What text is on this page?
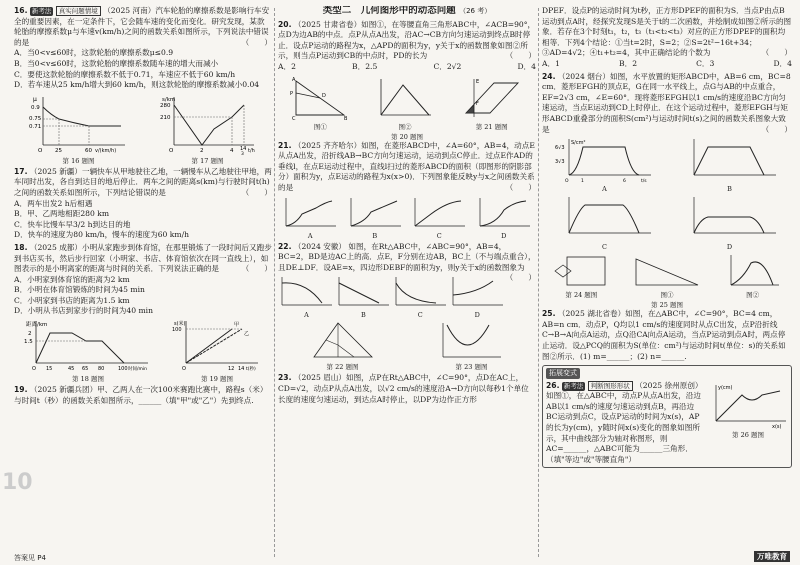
10
16. 新考法 真实问题情境 （2025 河南）汽车轮胎的摩擦系数是影响行车安全的重要因素，在一定条件下，它会随车速的变化而变化．研究发现，某款轮胎的摩擦系数μ与车速v(km/h)之间的函数关系如图所示，下列说法中错误的是	（　　）
A．当0<v≤60时，这款轮胎的摩擦系数μ≤0.9
B．当0<v≤60时，这款轮胎的摩擦系数随车速的增大而减小
C．要使这款轮胎的摩擦系数不低于0.71，车速应不低于60 km/h
D．若车速从25 km/h增大到60 km/h，则这款轮胎的摩擦系数减小0.04
μ
0.9
0.75
0.71
O 25	60 v/(km/h)
第 16 题图
s/km
280
210
O	2	4 14
3
t/h
第 17 题图
17. （2025 新疆）一辆快车从甲地驶往乙地，一辆慢车从乙地驶往甲地，两车同时出发，各自到达目的地后停止．两车之间的距离s(km)与行驶时间t(h)之间的函数关系如图所示，下列结论错误的是	（　　）
A．两车出发2 h后相遇
B．甲、乙两地相距280 km
C．快车比慢车早3/2 h到达目的地
D．快车的速度为80 km/h，慢车的速度为60 km/h
18. （2025 成都）小明从家跑步到体育馆，在那里锻炼了一段时间后又跑步到书店买书，然后步行回家（小明家、书店、体育馆依次在同一直线上），如图表示的是小明离家的距离与时间的关系．下列说法正确的是	（　　）
A．小明家到体育馆的距离为2 km
B．小明在体育馆锻炼的时间为45 min
C．小明家到书店的距离为1.5 km
D．小明从书店到家步行的时间为40 min
距离/km
2
1.5
O 15	45 65 80	100 时间/min
第 18 题图
s(米)
100
甲
乙
O	12 14 t(秒)
第 19 题图
19. （2025 新疆兵团）甲、乙两人在一次100米赛跑比赛中，路程s（米）与时间t（秒）的函数关系如图所示，______（填"甲"或"乙"）先到终点.
类型二　几何图形中的动态问题 （26 考）
20. （2025 甘肃省卷）如图①，在等腰直角三角形ABC中，∠ACB=90°，点D为边AB的中点．点P从点A出发，沿AC→CB方向匀速运动到终点B时停止．设点P运动的路程为x，△APD的面积为y，y关于x的函数图象如图②所示，则当点P运动到CB的中点时，PD的长为	（　　）
A．2	B．2.5	C．2√2	D．4
P
A
D
B
C
图①	图②
E
F
第 21 题图
第 20 题图
21. （2025 齐齐哈尔）如图，在菱形ABCD中，∠A=60°，AB=4，动点E从点A出发，沿折线AB→BC方向匀速运动，运动到点C停止．过点E作AD的垂线l，在点E运动过程中，直线l扫过的菱形ABCD的面积（即图形的阴影部分）面积为y，点E运动的路程为x(x>0)．下列图象能反映y与x之间函数关系的是	（　　）
A	B	C	D
22. （2024 安徽） 如图，在Rt△ABC中，∠ABC=90°，AB=4，BC=2，BD是边AC上的高．点E，F分别在边AB，BC上（不与端点重合），且DE⊥DF．设AE=x，四边形DEBF的面积为y，则y关于x的函数图象为
（　　）
A	B	C	D
第 22 题图	第 23 题图
23. （2025 眉山）如图，点P在Rt△ABC中，∠C=90°，点D在AC上，CD=√2，动点P从点A出发，以√2 cm/s的速度沿A→D方向以每秒1个单位长度的速度匀速运动，到达点A时停止，以DP为边作正方形
DPEF．设点P的运动时间为t秒，正方形DPEF的面积为S．当点P由点B运动到点A时，经探究发现S是关于t的二次函数，并绘制成如图②所示的图象．若存在3个时刻t₁，t₂，t₃（t₁<t₂<t₃）对应的正方形DPEF的面积均相等．下列4个结论：①当t=2时，S=2；②S=2t²−16t+34；③AD=4√2；④t₁+t₂=4，其中正确结论的个数为	（　　）
A．1	B．2	C．3	D．4
24. （2024 烟台）如图，水平放置的矩形ABCD中，AB=6 cm，BC=8 cm．菱形EFGH的顶点E，G在同一水平线上，点G与AB的中点重合，EF=2√3 cm，∠E=60°．现将菱形EFGH以1 cm/s的速度沿BC方向匀速运动，当点E运动到CD上时停止．在这个运动过程中，菱形EFGH与矩形ABCD重叠部分的面积S(cm²)与运动时间t(s)之间的函数关系图象大致是	（　　）
S/cm²
6√3
3√3
O	1	6	t/s
A	B
C	D
第 24 题图	图①	图②
第 25 题图
25. （2025 湖北省卷）如图，在△ABC中，∠C=90°，BC=4 cm，AB=n cm．动点P，Q均以1 cm/s的速度同时从点C出发，点P沿折线C→B→A向点A运动，点Q沿CA向点A运动，当点P运动到点A时，两点停止运动．设△PCQ的面积为S(单位：cm²)与运动时间t(单位：s)的关系如图②所示．(1) m=______；(2) n=______.
拓展变式
26. 新考法 判断图形形状 （2025 徐州原创）如图①，在△ABC中，动点P从点A出发，沿边AB以1 cm/s的速度匀速运动到点B，再沿边BC运动到点C，设点P运动的时间为x(s)，AP的长为y(cm)，y随时间x(s)变化的图象如图所示，其中曲线部分为轴对称图形，则AC=______，△ABC可能为______三角形．（填"等边"或"等腰直角"）
y(cm)
x(s)
第 26 题图
答案见 P4	万唯教育
